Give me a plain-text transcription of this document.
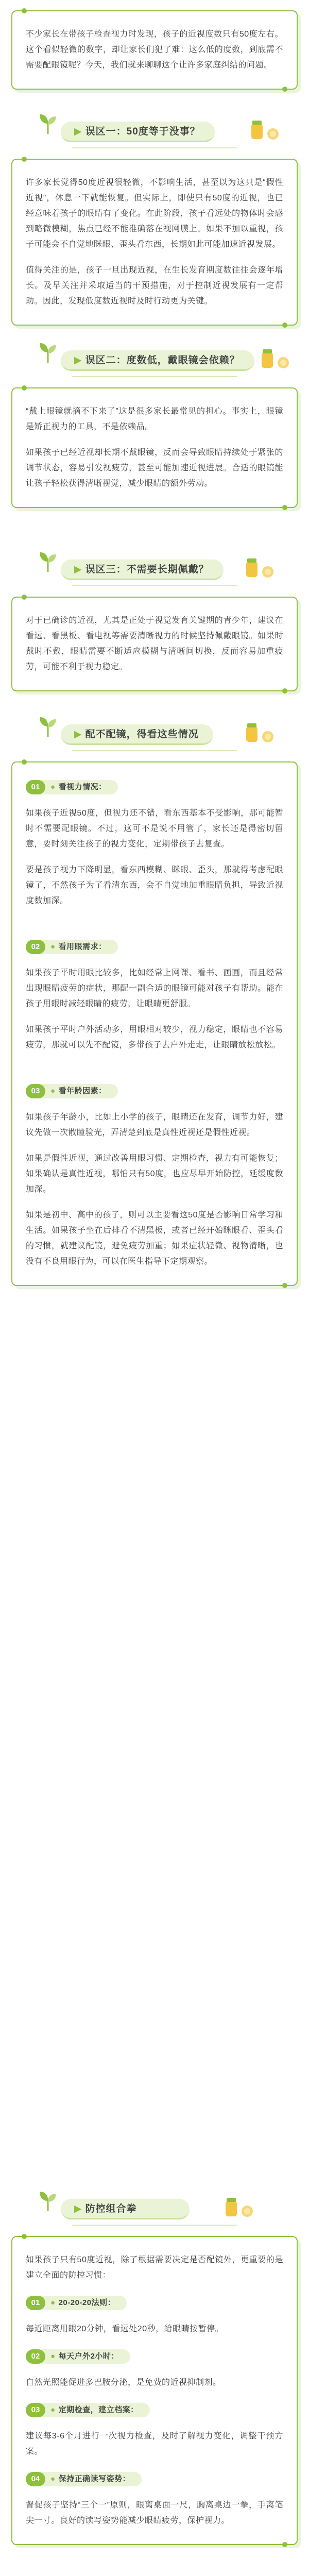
不少家长在带孩子检查视力时发现，孩子的近视度数只有50度左右。这个看似轻微的数字，却让家长们犯了难：这么低的度数，到底需不需要配眼镜呢？今天，我们就来聊聊这个让许多家庭纠结的问题。

▶ 误区一：50度等于没事？

许多家长觉得50度近视很轻微，不影响生活，甚至以为这只是“假性近视”，休息一下就能恢复。但实际上，即使只有50度的近视，也已经意味着孩子的眼睛有了变化。在此阶段，孩子看远处的物体时会感到略微模糊，焦点已经不能准确落在视网膜上。如果不加以重视，孩子可能会不自觉地眯眼、歪头看东西，长期如此可能加速近视发展。

值得关注的是，孩子一旦出现近视，在生长发育期度数往往会逐年增长。及早关注并采取适当的干预措施，对于控制近视发展有一定帮助。因此，发现低度数近视时及时行动更为关键。

▶ 误区二：度数低，戴眼镜会依赖？

“戴上眼镜就摘不下来了”这是很多家长最常见的担心。事实上，眼镜是矫正视力的工具，不是依赖品。

如果孩子已经近视却长期不戴眼镜，反而会导致眼睛持续处于紧张的调节状态，容易引发视疲劳，甚至可能加速近视进展。合适的眼镜能让孩子轻松获得清晰视觉，减少眼睛的额外劳动。

▶ 误区三：不需要长期佩戴？

对于已确诊的近视，尤其是正处于视觉发育关键期的青少年，建议在看远、看黑板、看电视等需要清晰视力的时候坚持佩戴眼镜。如果时戴时不戴，眼睛需要不断适应模糊与清晰间切换，反而容易加重疲劳，可能不利于视力稳定。

▶ 配不配镜，得看这些情况
01	● 看视力情况：

如果孩子近视50度，但视力还不错，看东西基本不受影响，那可能暂时不需要配眼镜。不过，这可不是说不用管了，家长还是得密切留意，要时刻关注孩子的视力变化，定期带孩子去复查。

要是孩子视力下降明显，看东西模糊、眯眼、歪头，那就得考虑配眼镜了，不然孩子为了看清东西，会不自觉地加重眼睛负担，导致近视度数加深。

02	● 看用眼需求：

如果孩子平时用眼比较多，比如经常上网课、看书、画画，而且经常出现眼睛疲劳的症状，那配一副合适的眼镜可能对孩子有帮助。能在孩子用眼时减轻眼睛的疲劳，让眼睛更舒服。

如果孩子平时户外活动多，用眼相对较少，视力稳定，眼睛也不容易疲劳，那就可以先不配镜，多带孩子去户外走走，让眼睛放松放松。

03	● 看年龄因素：

如果孩子年龄小，比如上小学的孩子，眼睛还在发育，调节力好，建议先做一次散瞳验光，弄清楚到底是真性近视还是假性近视。

如果是假性近视，通过改善用眼习惯、定期检查，视力有可能恢复；如果确认是真性近视，哪怕只有50度，也应尽早开始防控，延缓度数加深。

如果是初中、高中的孩子，则可以主要看这50度是否影响日常学习和生活。如果孩子坐在后排看不清黑板，或者已经开始眯眼看、歪头看的习惯，就建议配镜，避免疲劳加重；如果症状轻微、视物清晰，也没有不良用眼行为，可以在医生指导下定期观察。

▶ 防控组合拳

如果孩子只有50度近视，除了根据需要决定是否配镜外，更重要的是建立全面的防控习惯：

01	● 20-20-20法则：

每近距离用眼20分钟，看远处20秒，给眼睛按暂停。

02	● 每天户外2小时：

自然光照能促进多巴胺分泌，是免费的近视抑制剂。

03	● 定期检查，建立档案：

建议每3-6个月进行一次视力检查，及时了解视力变化，调整干预方案。

04	● 保持正确读写姿势：

督促孩子坚持“三个一”原则，眼离桌面一尺，胸离桌边一拳，手离笔尖一寸。良好的读写姿势能减少眼睛疲劳，保护视力。
